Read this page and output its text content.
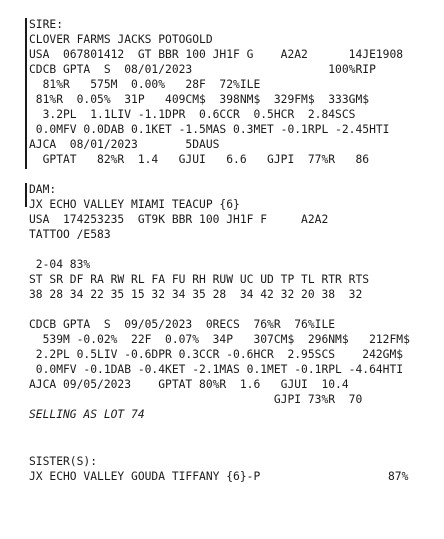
SIRE:
CLOVER FARMS JACKS POTOGOLD
USA  067801412  GT BBR 100 JH1F G    A2A2      14JE1908
CDCB GPTA  S  08/01/2023                    100%RIP
81%R   575M  0.00%   28F  72%ILE
81%R  0.05%  31P   409CM$  398NM$  329FM$  333GM$
3.2PL  1.1LIV -1.1DPR  0.6CCR  0.5HCR  2.84SCS
0.0MFV 0.0DAB 0.1KET -1.5MAS 0.3MET -0.1RPL -2.45HTI
AJCA  08/01/2023       5DAUS
GPTAT   82%R  1.4   GJUI   6.6   GJPI  77%R   86
DAM:
JX ECHO VALLEY MIAMI TEACUP {6}
USA  174253235  GT9K BBR 100 JH1F F     A2A2
TATTOO /E583
2-04 83%
ST SR DF RA RW RL FA FU RH RUW UC UD TP TL RTR RTS
38 28 34 22 35 15 32 34 35 28  34 42 32 20 38  32
CDCB GPTA  S  09/05/2023  0RECS  76%R  76%ILE
539M -0.02%  22F  0.07%  34P   307CM$  296NM$   212FM$
2.2PL 0.5LIV -0.6DPR 0.3CCR -0.6HCR  2.95SCS    242GM$
0.0MFV -0.1DAB -0.4KET -2.1MAS 0.1MET -0.1RPL -4.64HTI
AJCA 09/05/2023    GPTAT 80%R  1.6   GJUI  10.4
GJPI 73%R  70
SELLING AS LOT 74
SISTER(S):
JX ECHO VALLEY GOUDA TIFFANY {6}-P	87%
